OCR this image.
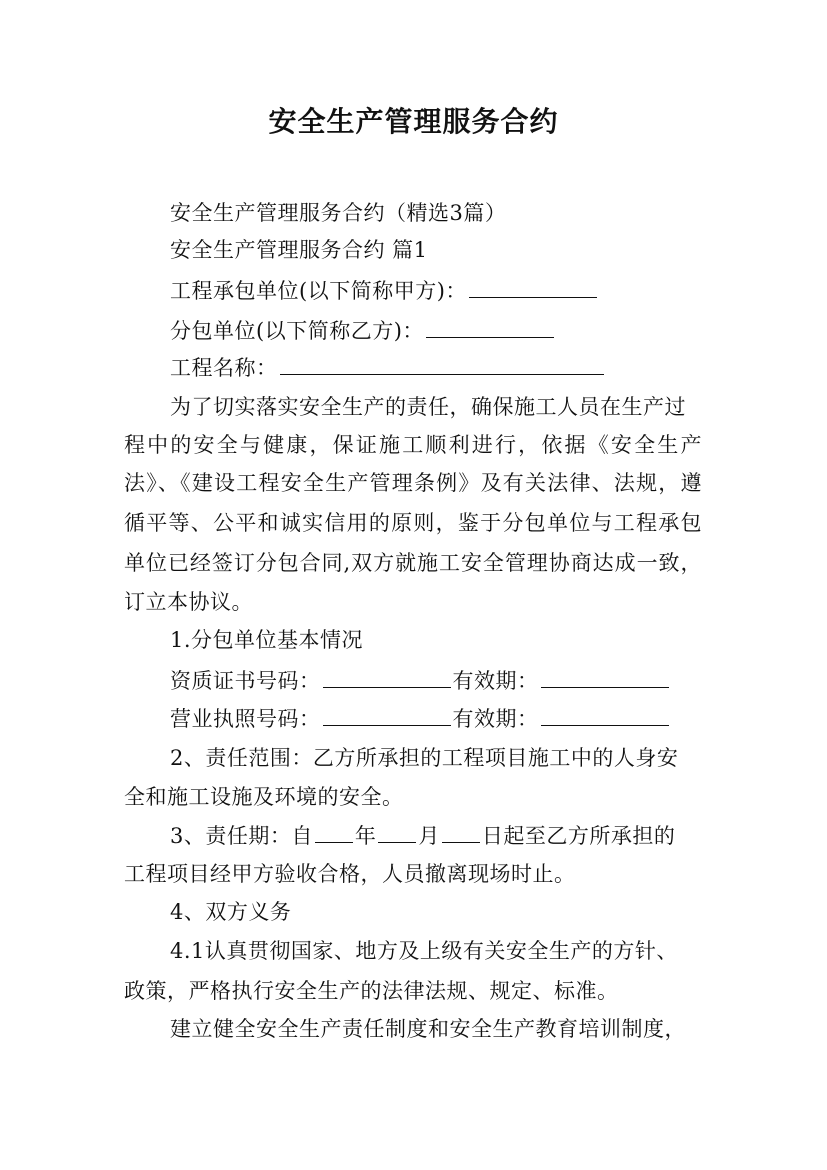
安全生产管理服务合约
安全生产管理服务合约（精选3篇）
安全生产管理服务合约 篇1
工程承包单位(以下简称甲方)：
分包单位(以下简称乙方)：
工程名称：
为了切实落实安全生产的责任，确保施工人员在生产过
程中的安全与健康，保证施工顺利进行，依据《安全生产
法》、《建设工程安全生产管理条例》及有关法律、法规，遵
循平等、公平和诚实信用的原则，鉴于分包单位与工程承包
单位已经签订分包合同,双方就施工安全管理协商达成一致，
订立本协议。
1.分包单位基本情况
资质证书号码：	有效期：
营业执照号码：	有效期：
2、责任范围：乙方所承担的工程项目施工中的人身安
全和施工设施及环境的安全。
3、责任期：自 年 月 日起至乙方所承担的
工程项目经甲方验收合格，人员撤离现场时止。
4、双方义务
4.1认真贯彻国家、地方及上级有关安全生产的方针、
政策，严格执行安全生产的法律法规、规定、标准。
建立健全安全生产责任制度和安全生产教育培训制度，
